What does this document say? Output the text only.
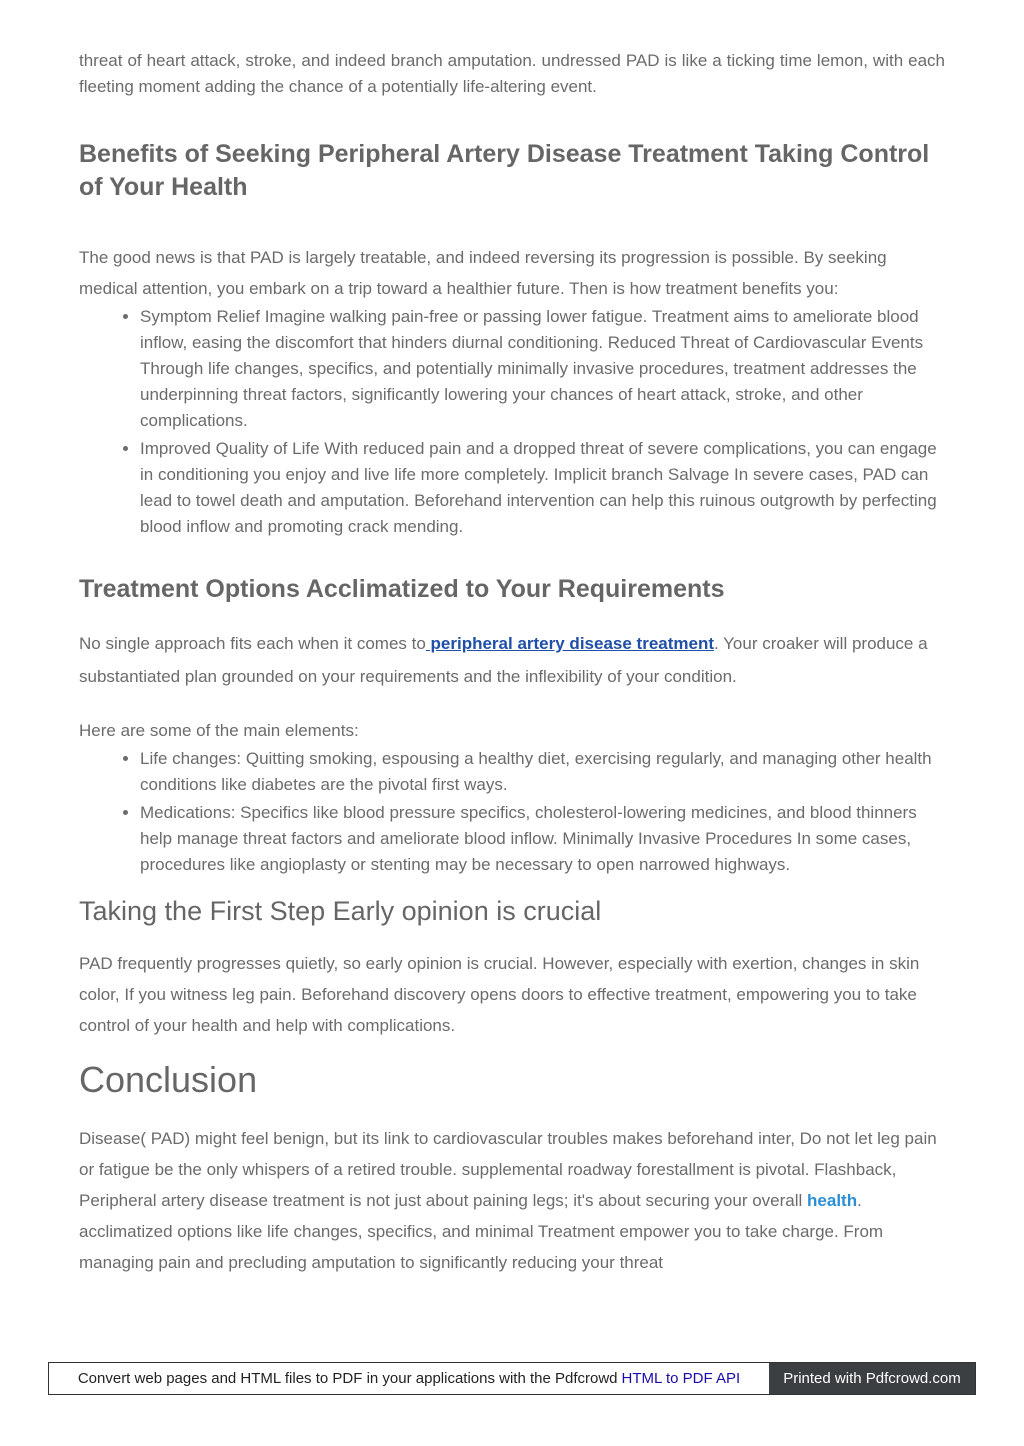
threat of heart attack, stroke, and indeed branch amputation. undressed PAD is like a ticking time lemon, with each fleeting moment adding the chance of a potentially life-altering event.

Benefits of Seeking Peripheral Artery Disease Treatment Taking Control of Your Health

The good news is that PAD is largely treatable, and indeed reversing its progression is possible. By seeking medical attention, you embark on a trip toward a healthier future. Then is how treatment benefits you:

• Symptom Relief Imagine walking pain-free or passing lower fatigue. Treatment aims to ameliorate blood inflow, easing the discomfort that hinders diurnal conditioning. Reduced Threat of Cardiovascular Events Through life changes, specifics, and potentially minimally invasive procedures, treatment addresses the underpinning threat factors, significantly lowering your chances of heart attack, stroke, and other complications.
• Improved Quality of Life With reduced pain and a dropped threat of severe complications, you can engage in conditioning you enjoy and live life more completely. Implicit branch Salvage In severe cases, PAD can lead to towel death and amputation. Beforehand intervention can help this ruinous outgrowth by perfecting blood inflow and promoting crack mending.
Treatment Options Acclimatized to Your Requirements

No single approach fits each when it comes to peripheral artery disease treatment. Your croaker will produce a substantiated plan grounded on your requirements and the inflexibility of your condition.

Here are some of the main elements:

• Life changes: Quitting smoking, espousing a healthy diet, exercising regularly, and managing other health conditions like diabetes are the pivotal first ways.
• Medications: Specifics like blood pressure specifics, cholesterol-lowering medicines, and blood thinners help manage threat factors and ameliorate blood inflow. Minimally Invasive Procedures In some cases, procedures like angioplasty or stenting may be necessary to open narrowed highways.
Taking the First Step Early opinion is crucial

PAD frequently progresses quietly, so early opinion is crucial. However, especially with exertion, changes in skin color, If you witness leg pain. Beforehand discovery opens doors to effective treatment, empowering you to take control of your health and help with complications.

Conclusion

Disease( PAD) might feel benign, but its link to cardiovascular troubles makes beforehand inter, Do not let leg pain or fatigue be the only whispers of a retired trouble. supplemental roadway forestallment is pivotal. Flashback, Peripheral artery disease treatment is not just about paining legs; it's about securing your overall health. acclimatized options like life changes, specifics, and minimal Treatment empower you to take charge. From managing pain and precluding amputation to significantly reducing your threat

Convert web pages and HTML files to PDF in your applications with the Pdfcrowd HTML to PDF API	Printed with Pdfcrowd.com
